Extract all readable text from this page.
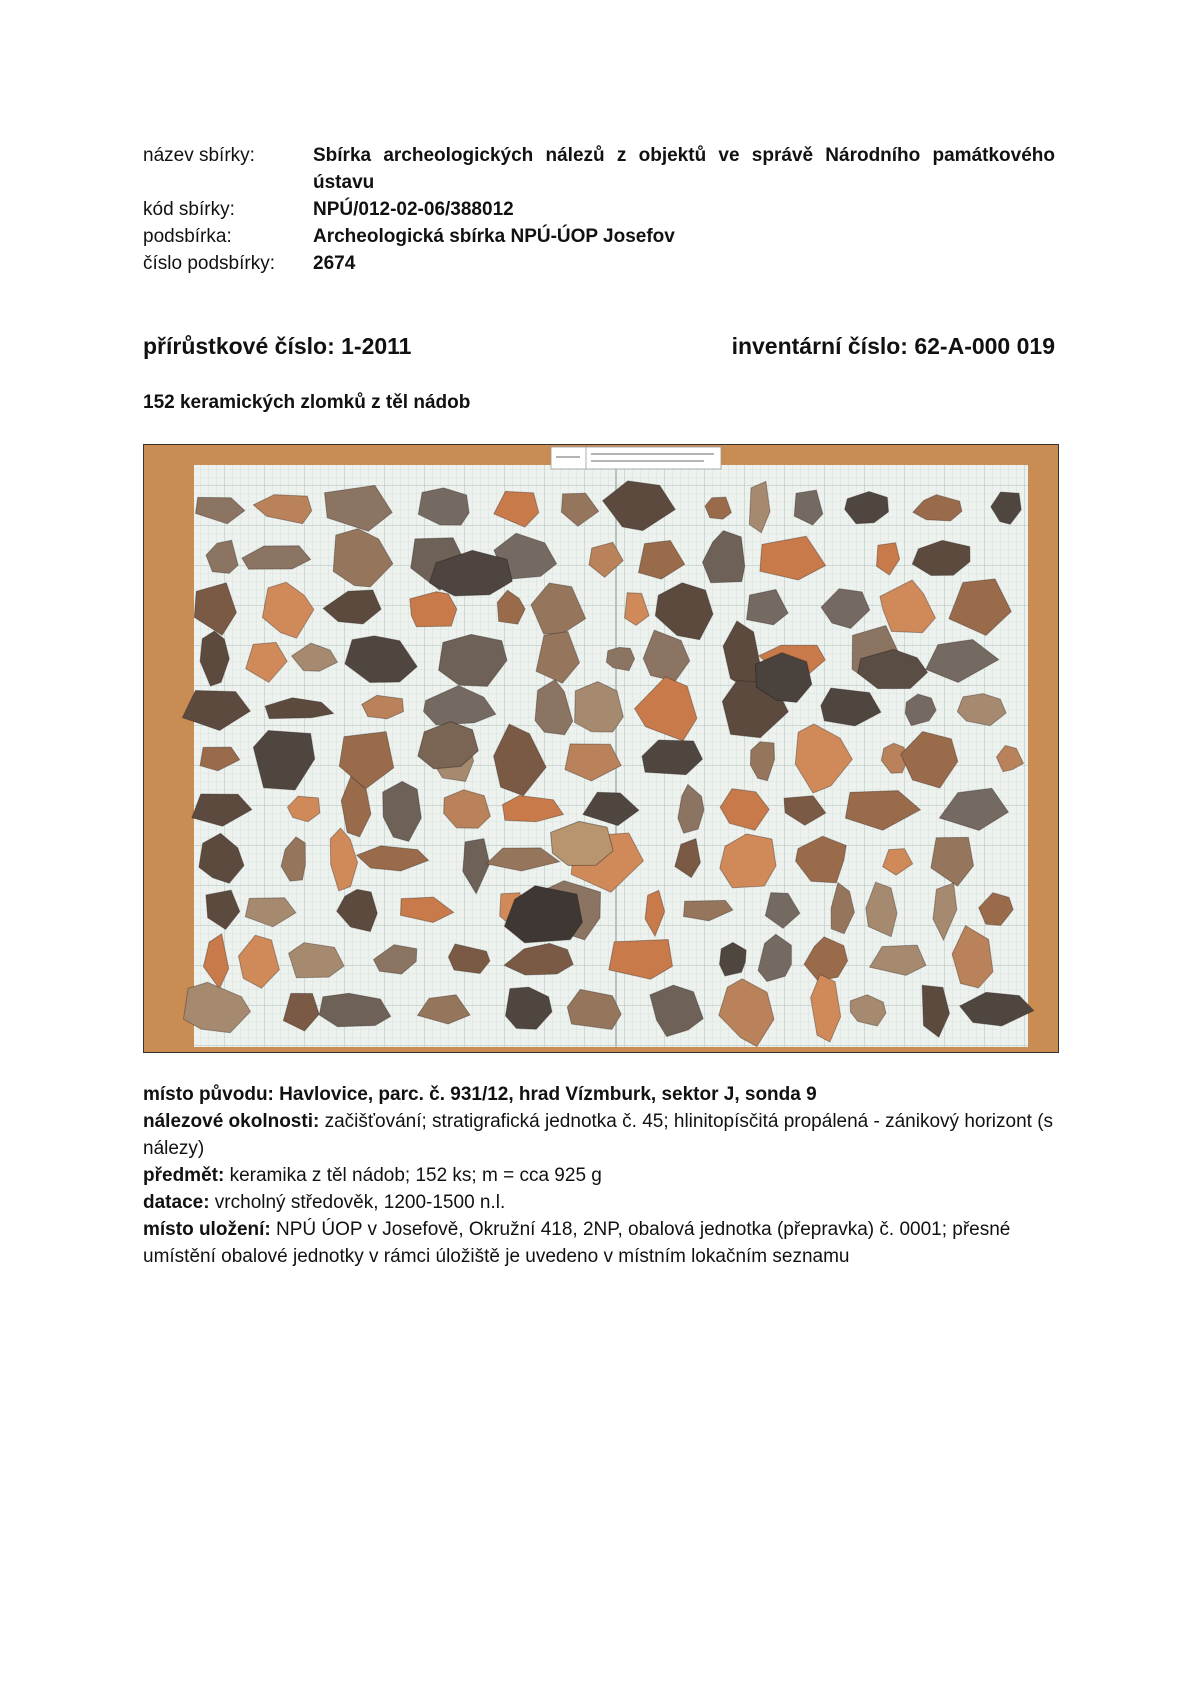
název sbírky:	Sbírka archeologických nálezů z objektů ve správě Národního památkového ústavu
kód sbírky:	NPÚ/012-02-06/388012
podsbírka:	Archeologická sbírka NPÚ-ÚOP Josefov
číslo podsbírky:	2674
přírůstkové číslo: 1-2011	inventární číslo: 62-A-000 019
152 keramických zlomků z těl nádob

místo původu: Havlovice, parc. č. 931/12, hrad Vízmburk, sektor J, sonda 9

nálezové okolnosti: začišťování; stratigrafická jednotka č. 45; hlinitopísčitá propálená - zánikový horizont (s nálezy)

předmět: keramika z těl nádob; 152 ks; m = cca 925 g

datace: vrcholný středověk, 1200-1500 n.l.

místo uložení: NPÚ ÚOP v Josefově, Okružní 418, 2NP, obalová jednotka (přepravka) č. 0001; přesné umístění obalové jednotky v rámci úložiště je uvedeno v místním lokačním seznamu
